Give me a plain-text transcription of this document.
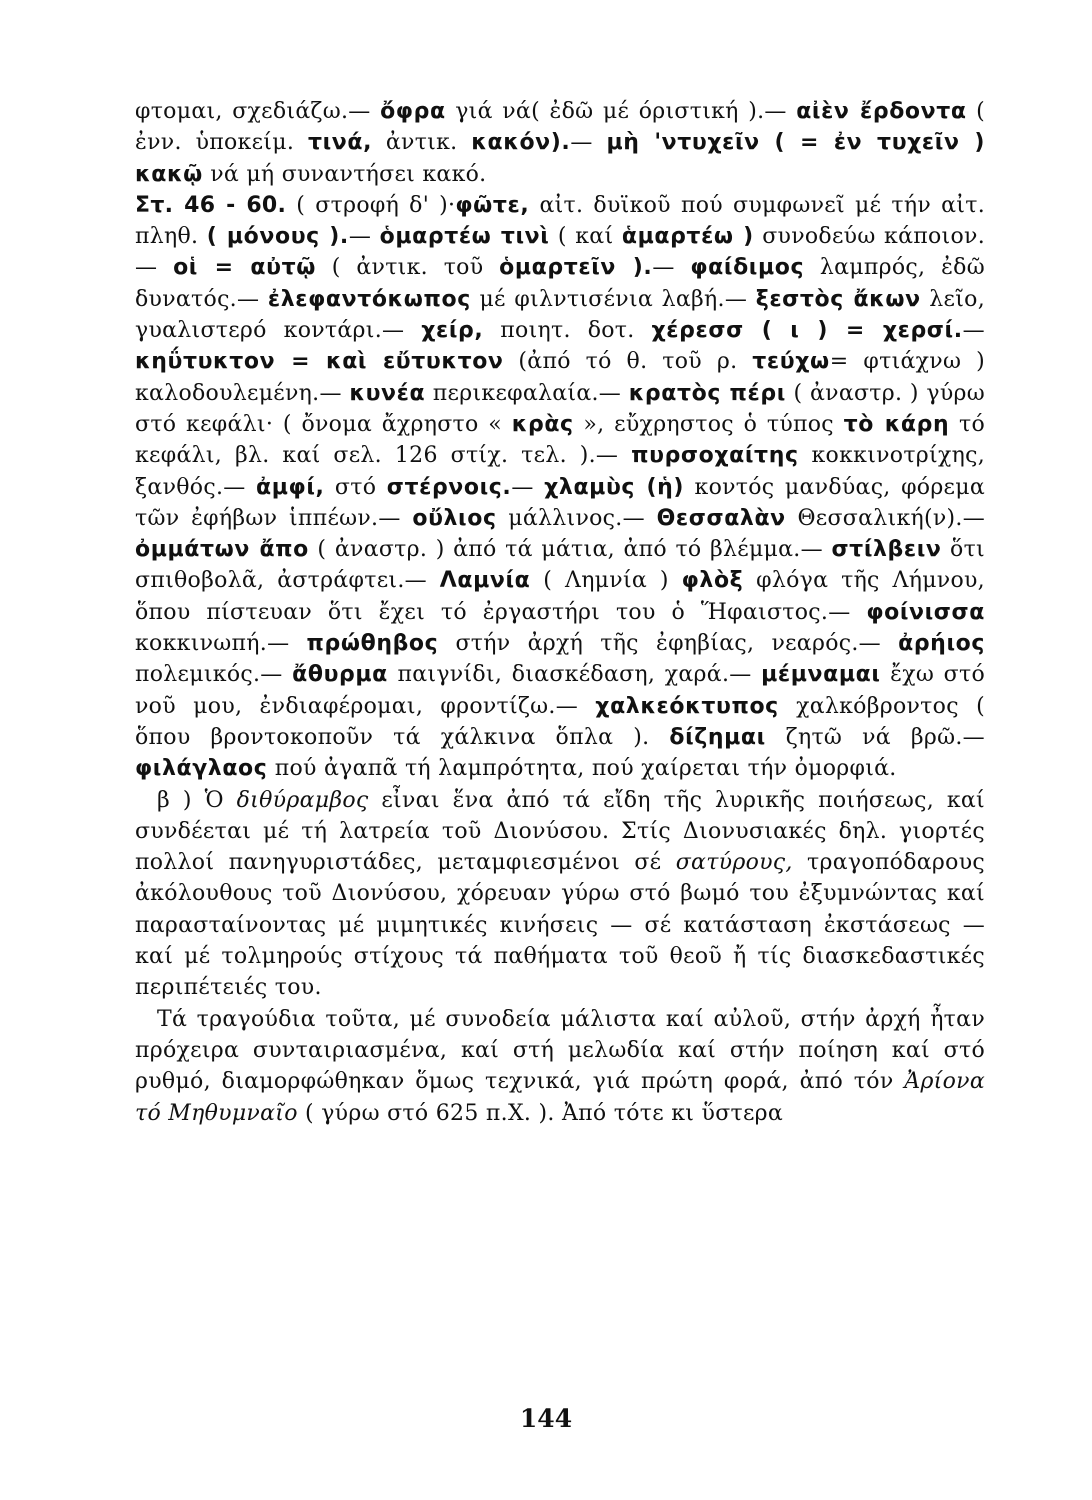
φτομαι, σχεδιάζω.— ὄφρα γιά νά( ἐδῶ μέ όριστική ).— αἰὲν ἔρδοντα ( ἐνν. ὑποκείμ. τινά, ἀντικ. κακόν).— μὴ 'ντυχεῖν ( = ἐν τυχεῖν ) κακῷ νά μή συναντήσει κακό.

Στ. 46 - 60. ( στροφή δ' )·φῶτε, αἰτ. δυϊκοῦ πού συμφωνεῖ μέ τήν αἰτ. πληθ. ( μόνους ).— ὁμαρτέω τινὶ ( καί ἁμαρτέω ) συνοδεύω κάποιον.— οἱ = αὐτῷ ( ἀντικ. τοῦ ὁμαρτεῖν ).— φαίδιμος λαμπρός, ἐδῶ δυνατός.— ἐλεφαντόκωπος μέ φιλντισένια λαβή.— ξεστὸς ἄκων λεῖο, γυαλιστερό κοντάρι.— χείρ, ποιητ. δοτ. χέρεσσ ( ι ) = χερσί.— κηΰτυκτον = καὶ εὔτυκτον (ἀπό τό θ. τοῦ ρ. τεύχω= φτιάχνω ) καλοδουλεμένη.— κυνέα περικεφαλαία.— κρατὸς πέρι ( ἀναστρ. ) γύρω στό κεφάλι· ( ὄνομα ἄχρηστο « κρὰς », εὔχρηστος ὁ τύπος τὸ κάρη τό κεφάλι, βλ. καί σελ. 126 στίχ. τελ. ).— πυρσοχαίτης κοκκινοτρίχης, ξανθός.— ἀμφί, στό στέρνοις.— χλαμὺς (ἡ) κοντός μανδύας, φόρεμα τῶν ἐφήβων ἱππέων.— οὔλιος μάλλινος.— Θεσσαλὰν Θεσσαλική(ν).— ὀμμάτων ἄπο ( ἀναστρ. ) ἀπό τά μάτια, ἀπό τό βλέμμα.— στίλβειν ὅτι σπιθοβολᾶ, ἀστράφτει.— Λαμνία ( Λημνία ) φλὸξ φλόγα τῆς Λήμνου, ὅπου πίστευαν ὅτι ἔχει τό ἐργαστήρι του ὁ Ἥφαιστος.— φοίνισσα κοκκινωπή.— πρώθηβος στήν ἀρχή τῆς ἐφηβίας, νεαρός.— ἀρήιος πολεμικός.— ἄθυρμα παιγνίδι, διασκέδαση, χαρά.— μέμναμαι ἔχω στό νοῦ μου, ἐνδιαφέρομαι, φροντίζω.— χαλκεόκτυπος χαλκόβροντος ( ὅπου βροντοκοποῦν τά χάλκινα ὅπλα ). δίζημαι ζητῶ νά βρῶ.— φιλάγλαος πού ἀγαπᾶ τή λαμπρότητα, πού χαίρεται τήν ὀμορφιά.

β ) Ὁ διθύραμβος εἶναι ἕνα ἀπό τά εἴδη τῆς λυρικῆς ποιήσεως, καί συνδέεται μέ τή λατρεία τοῦ Διονύσου. Στίς Διονυσιακές δηλ. γιορτές πολλοί πανηγυριστάδες, μεταμφιεσμένοι σέ σατύρους, τραγοπόδαρους ἀκόλουθους τοῦ Διονύσου, χόρευαν γύρω στό βωμό του ἐξυμνώντας καί παρασταίνοντας μέ μιμητικές κινήσεις — σέ κατάσταση ἐκστάσεως — καί μέ τολμηρούς στίχους τά παθήματα τοῦ θεοῦ ἤ τίς διασκεδαστικές περιπέτειές του.

Τά τραγούδια τοῦτα, μέ συνοδεία μάλιστα καί αὐλοῦ, στήν ἀρχή ἦταν πρόχειρα συνταιριασμένα, καί στή μελωδία καί στήν ποίηση καί στό ρυθμό, διαμορφώθηκαν ὅμως τεχνικά, γιά πρώτη φορά, ἀπό τόν Ἀρίονα τό Μηθυμναῖο ( γύρω στό 625 π.Χ. ). Ἀπό τότε κι ὕστερα

144
